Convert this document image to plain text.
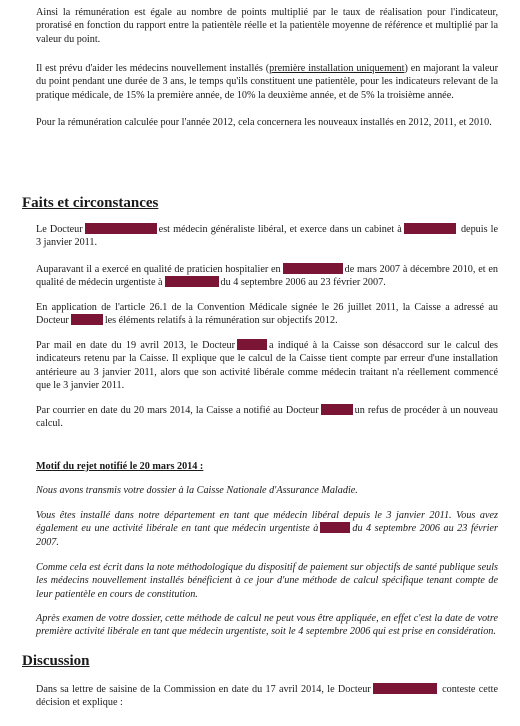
Ainsi la rémunération est égale au nombre de points multiplié par le taux de réalisation pour l'indicateur, proratisé en fonction du rapport entre la patientèle réelle et la patientèle moyenne de référence et multiplié par la valeur du point.

Il est prévu d'aider les médecins nouvellement installés (première installation uniquement) en majorant la valeur du point pendant une durée de 3 ans, le temps qu'ils constituent une patientèle, pour les indicateurs relevant de la pratique médicale, de 15% la première année, de 10% la deuxième année, et de 5% la troisième année.

Pour la rémunération calculée pour l'année 2012, cela concernera les nouveaux installés en 2012, 2011, et 2010.

Faits et circonstances

Le Docteur	est médecin généraliste libéral, et exerce dans un cabinet à	depuis le 3 janvier 2011.

Auparavant il a exercé en qualité de praticien hospitalier en	de mars 2007 à décembre 2010, et en qualité de médecin urgentiste à	du 4 septembre 2006 au 23 février 2007.

En application de l'article 26.1 de la Convention Médicale signée le 26 juillet 2011, la Caisse a adressé au Docteur	les éléments relatifs à la rémunération sur objectifs 2012.

Par mail en date du 19 avril 2013, le Docteur	a indiqué à la Caisse son désaccord sur le calcul des indicateurs retenu par la Caisse. Il explique que le calcul de la Caisse tient compte par erreur d'une installation antérieure au 3 janvier 2011, alors que son activité libérale comme médecin traitant n'a réellement commencé que le 3 janvier 2011.

Par courrier en date du 20 mars 2014, la Caisse a notifié au Docteur	un refus de procéder à un nouveau calcul.

Motif du rejet notifié le 20 mars 2014 :

Nous avons transmis votre dossier à la Caisse Nationale d'Assurance Maladie.

Vous êtes installé dans notre département en tant que médecin libéral depuis le 3 janvier 2011. Vous avez également eu une activité libérale en tant que médecin urgentiste à	du 4 septembre 2006 au 23 février 2007.

Comme cela est écrit dans la note méthodologique du dispositif de paiement sur objectifs de santé publique seuls les médecins nouvellement installés bénéficient à ce jour d'une méthode de calcul spécifique tenant compte de leur patientèle en cours de constitution.

Après examen de votre dossier, cette méthode de calcul ne peut vous être appliquée, en effet c'est la date de votre première activité libérale en tant que médecin urgentiste, soit le 4 septembre 2006 qui est prise en considération.

Discussion

Dans sa lettre de saisine de la Commission en date du 17 avril 2014, le Docteur	conteste cette décision et explique :
